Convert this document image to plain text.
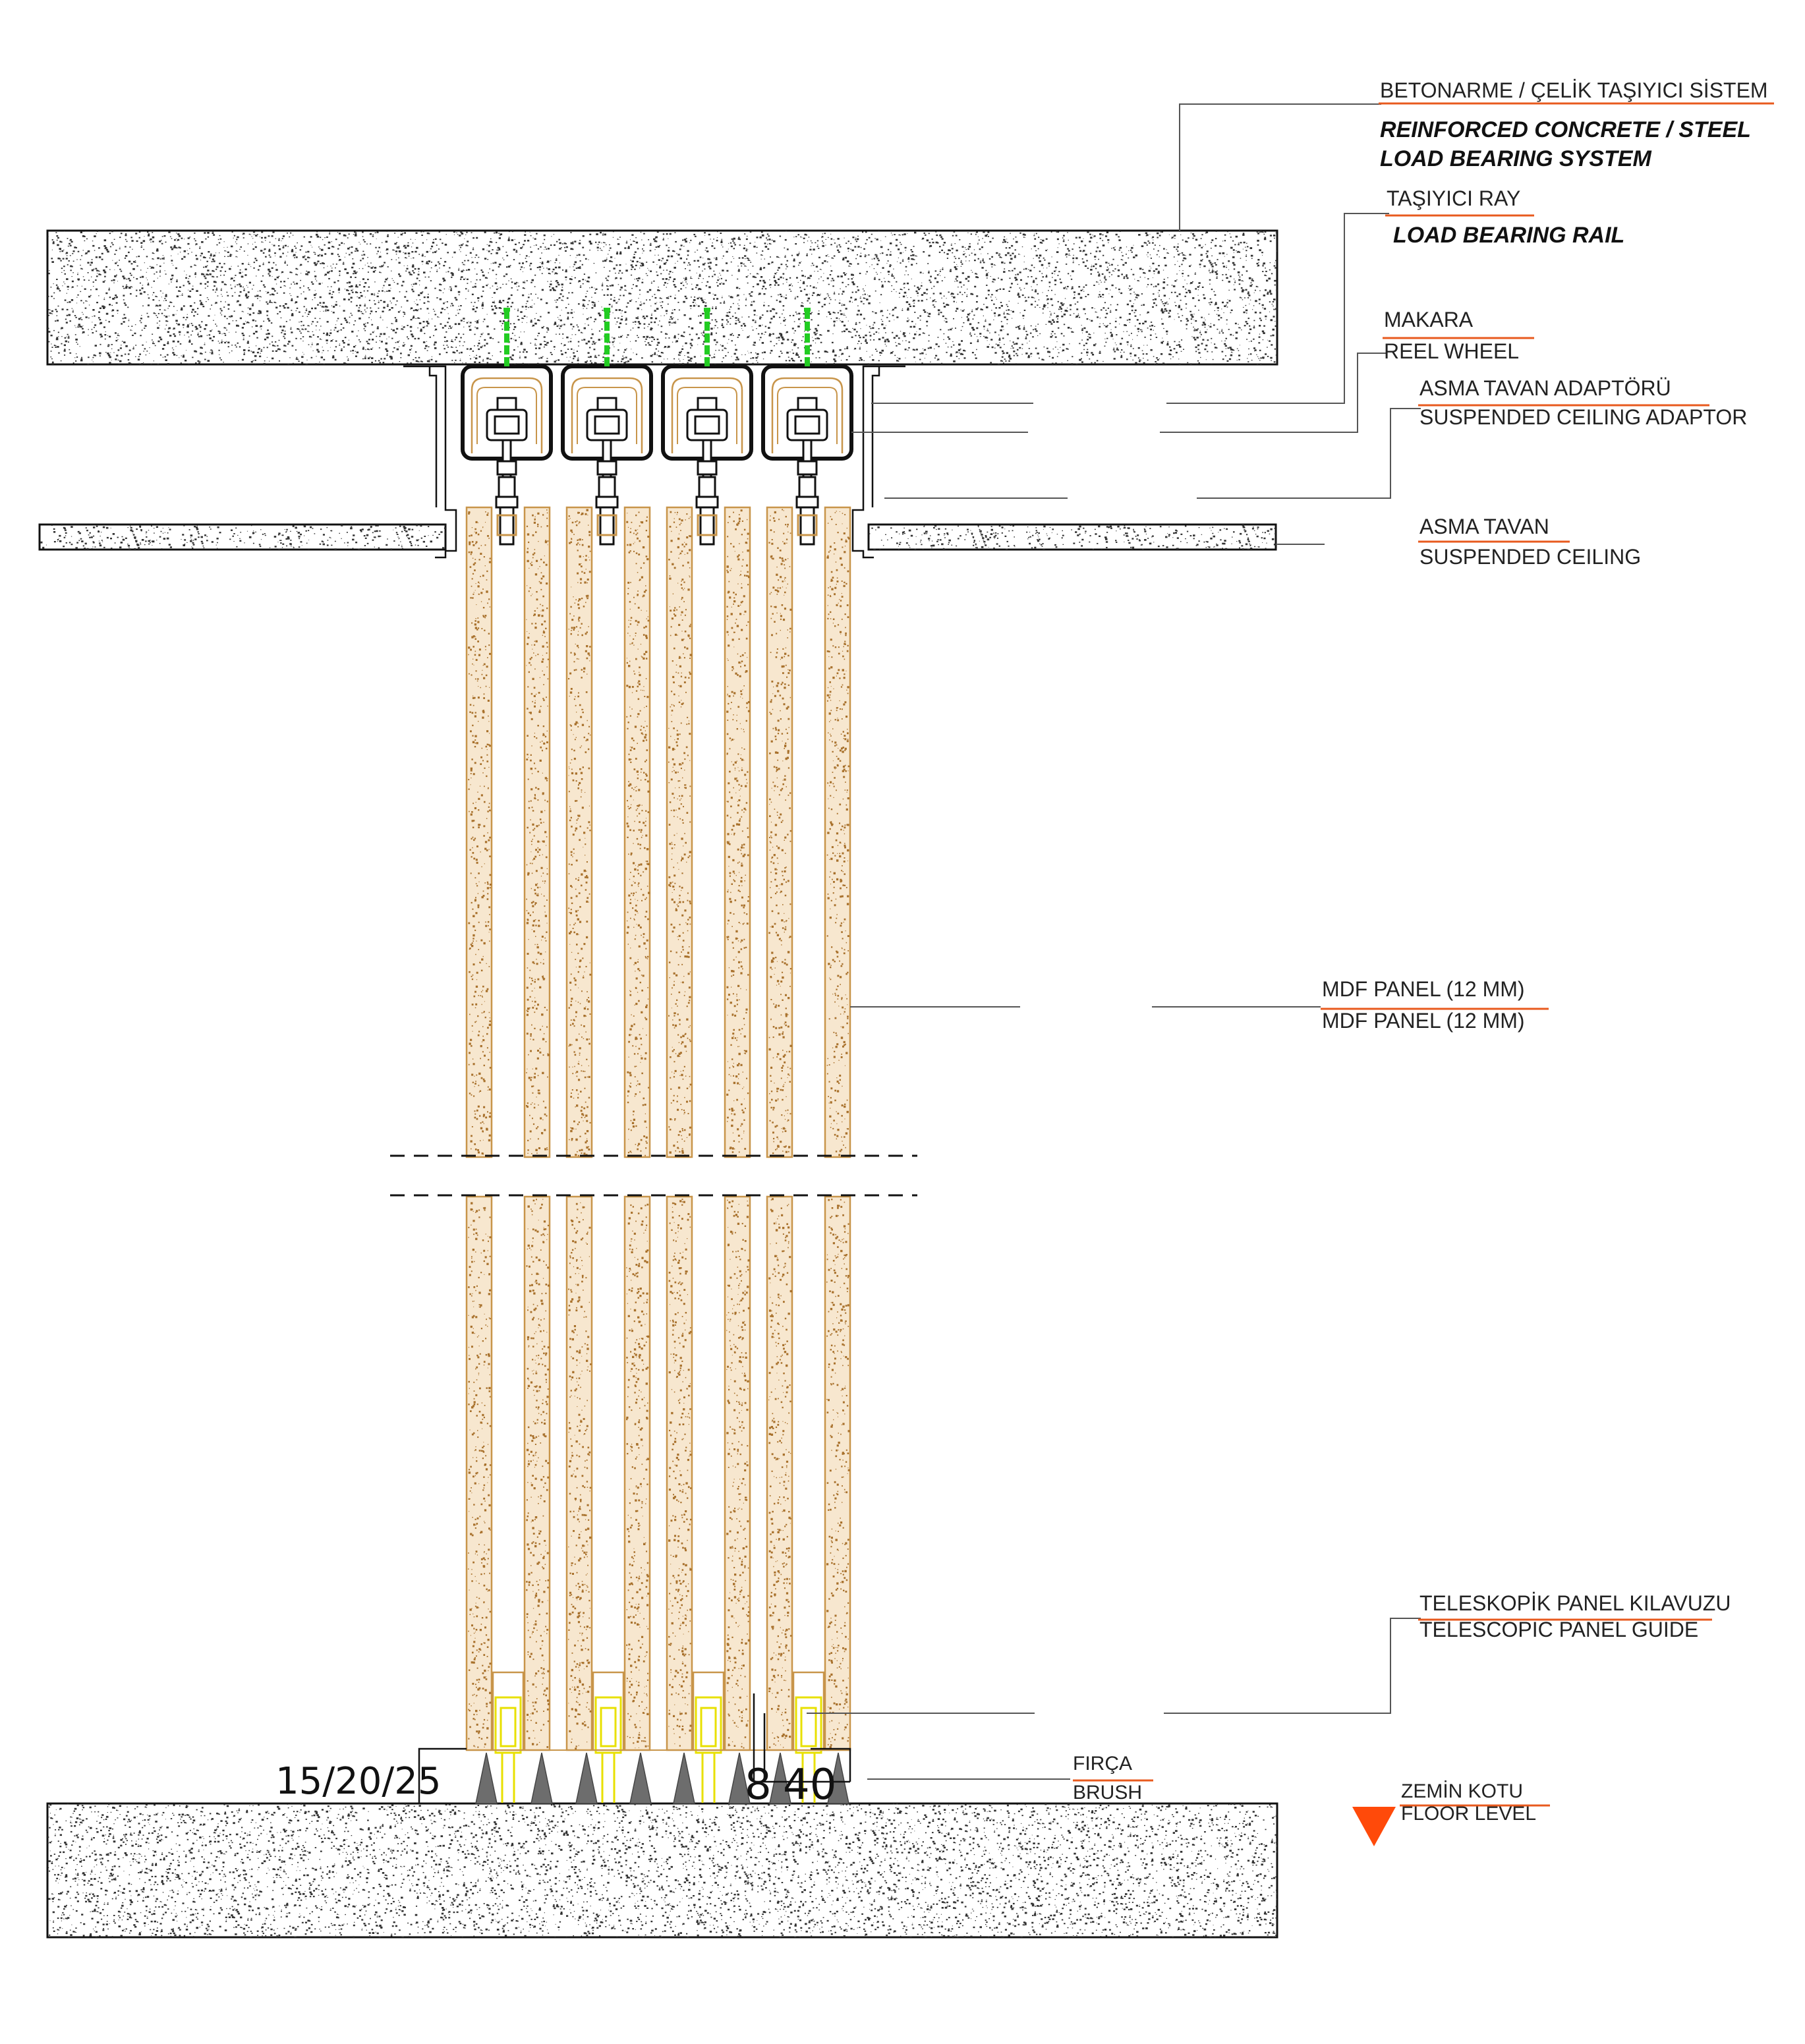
15/20/25	8 40
BETONARME / ÇELİK TAŞIYICI SİSTEM
REINFORCED CONCRETE / STEEL
LOAD BEARING SYSTEM
TAŞIYICI RAY
LOAD BEARING RAIL
MAKARA
REEL WHEEL
ASMA TAVAN ADAPTÖRÜ
SUSPENDED CEILING ADAPTOR
ASMA TAVAN
SUSPENDED CEILING
MDF PANEL (12 MM)
MDF PANEL (12 MM)
TELESKOPİK PANEL KILAVUZU
TELESCOPIC PANEL GUIDE
FIRÇA
BRUSH	ZEMİN KOTU
FLOOR LEVEL
